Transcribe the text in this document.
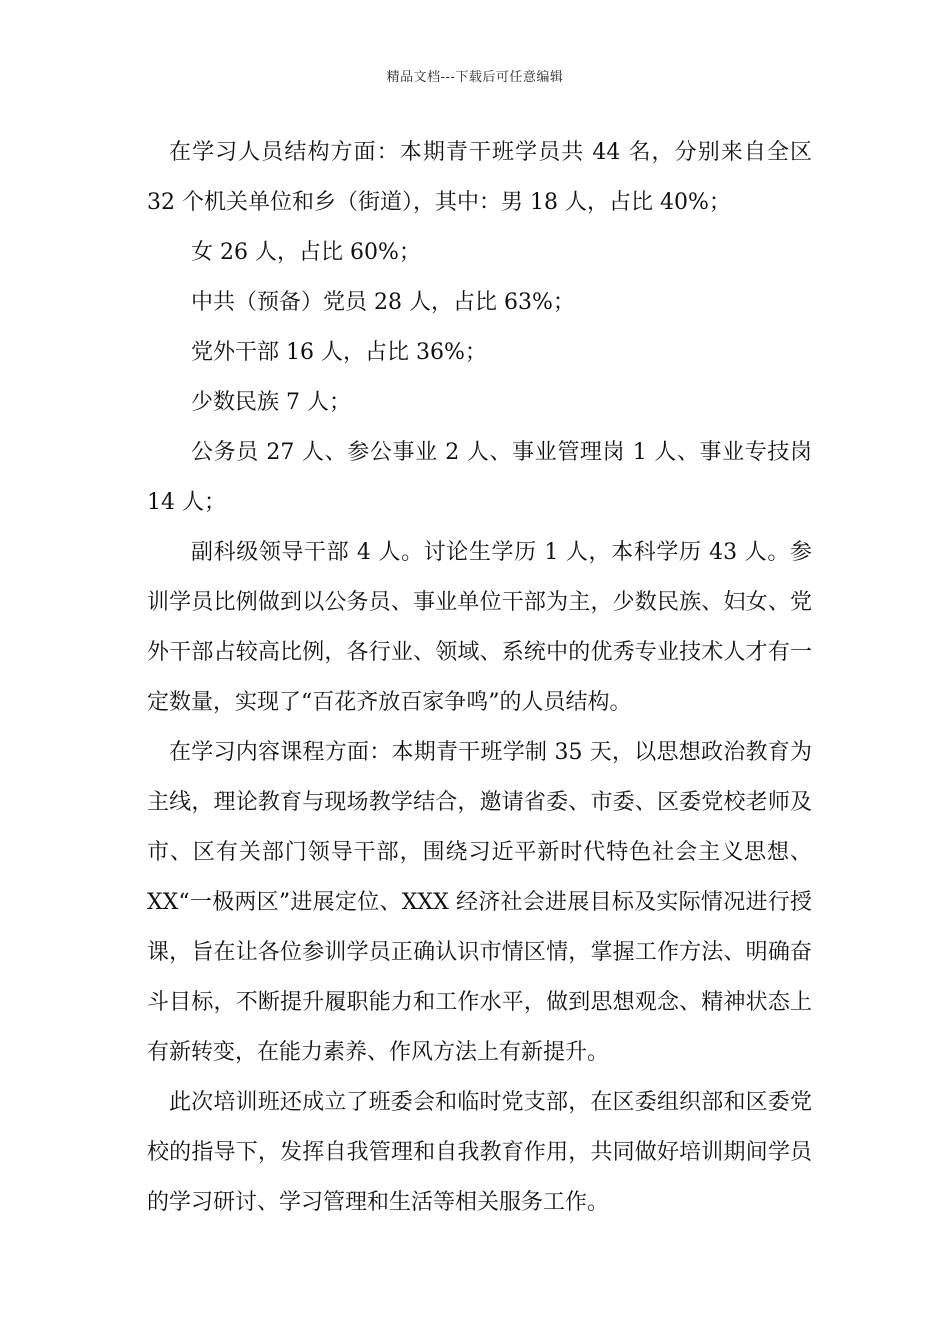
精品文档---下载后可任意编辑

在学习人员结构方面：本期青干班学员共 44 名，分别来自全区 32 个机关单位和乡（街道），其中：男 18 人，占比 40%；

女 26 人，占比 60%；

中共（预备）党员 28 人，占比 63%；

党外干部 16 人，占比 36%；

少数民族 7 人；

公务员 27 人、参公事业 2 人、事业管理岗 1 人、事业专技岗 14 人；

副科级领导干部 4 人。讨论生学历 1 人，本科学历 43 人。参训学员比例做到以公务员、事业单位干部为主，少数民族、妇女、党外干部占较高比例，各行业、领域、系统中的优秀专业技术人才有一定数量，实现了“百花齐放百家争鸣”的人员结构。

在学习内容课程方面：本期青干班学制 35 天，以思想政治教育为主线，理论教育与现场教学结合，邀请省委、市委、区委党校老师及市、区有关部门领导干部，围绕习近平新时代特色社会主义思想、XX“一极两区”进展定位、XXX 经济社会进展目标及实际情况进行授课，旨在让各位参训学员正确认识市情区情，掌握工作方法、明确奋斗目标，不断提升履职能力和工作水平，做到思想观念、精神状态上有新转变，在能力素养、作风方法上有新提升。

此次培训班还成立了班委会和临时党支部，在区委组织部和区委党校的指导下，发挥自我管理和自我教育作用，共同做好培训期间学员的学习研讨、学习管理和生活等相关服务工作。
